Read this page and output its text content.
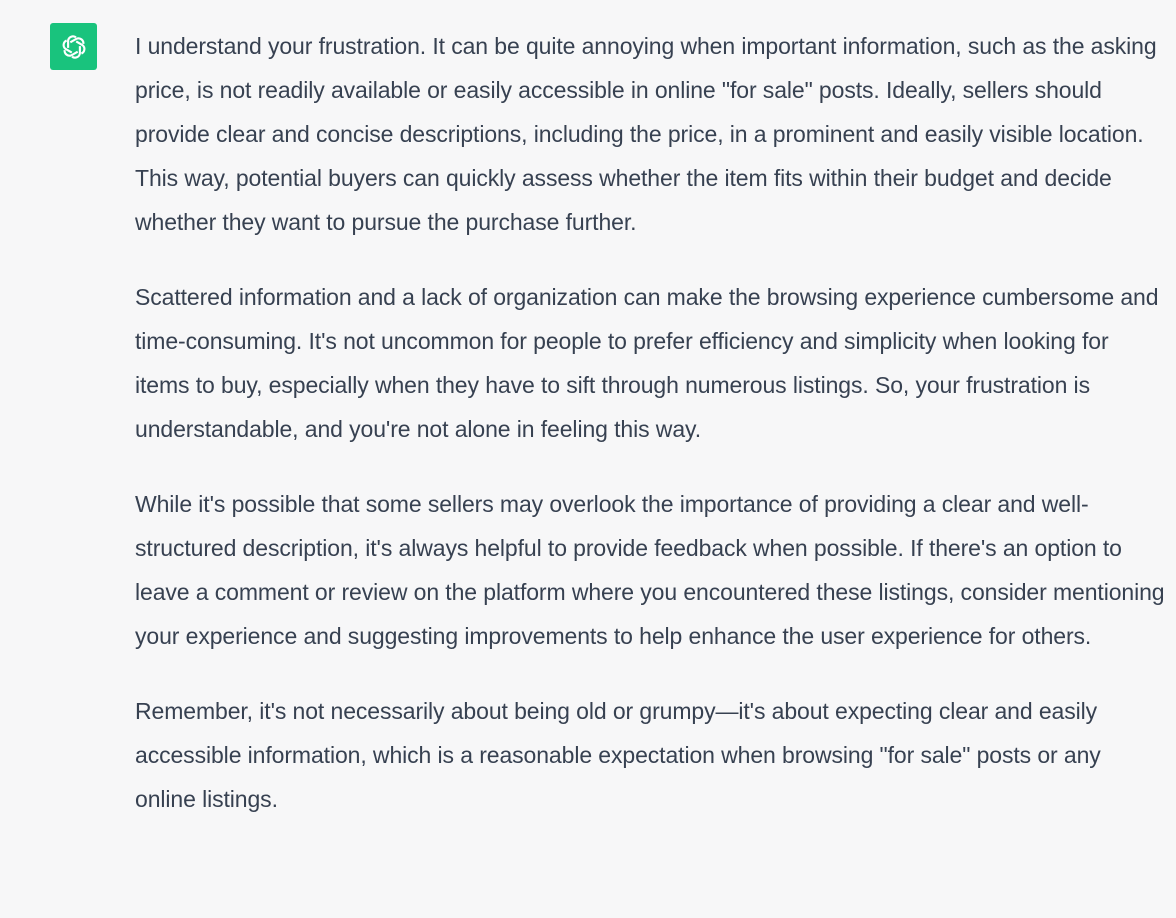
I understand your frustration. It can be quite annoying when important information, such as the asking price, is not readily available or easily accessible in online "for sale" posts. Ideally, sellers should provide clear and concise descriptions, including the price, in a prominent and easily visible location. This way, potential buyers can quickly assess whether the item fits within their budget and decide whether they want to pursue the purchase further.

Scattered information and a lack of organization can make the browsing experience cumbersome and time-consuming. It's not uncommon for people to prefer efficiency and simplicity when looking for items to buy, especially when they have to sift through numerous listings. So, your frustration is understandable, and you're not alone in feeling this way.

While it's possible that some sellers may overlook the importance of providing a clear and well-structured description, it's always helpful to provide feedback when possible. If there's an option to leave a comment or review on the platform where you encountered these listings, consider mentioning your experience and suggesting improvements to help enhance the user experience for others.

Remember, it's not necessarily about being old or grumpy—it's about expecting clear and easily accessible information, which is a reasonable expectation when browsing "for sale" posts or any online listings.
